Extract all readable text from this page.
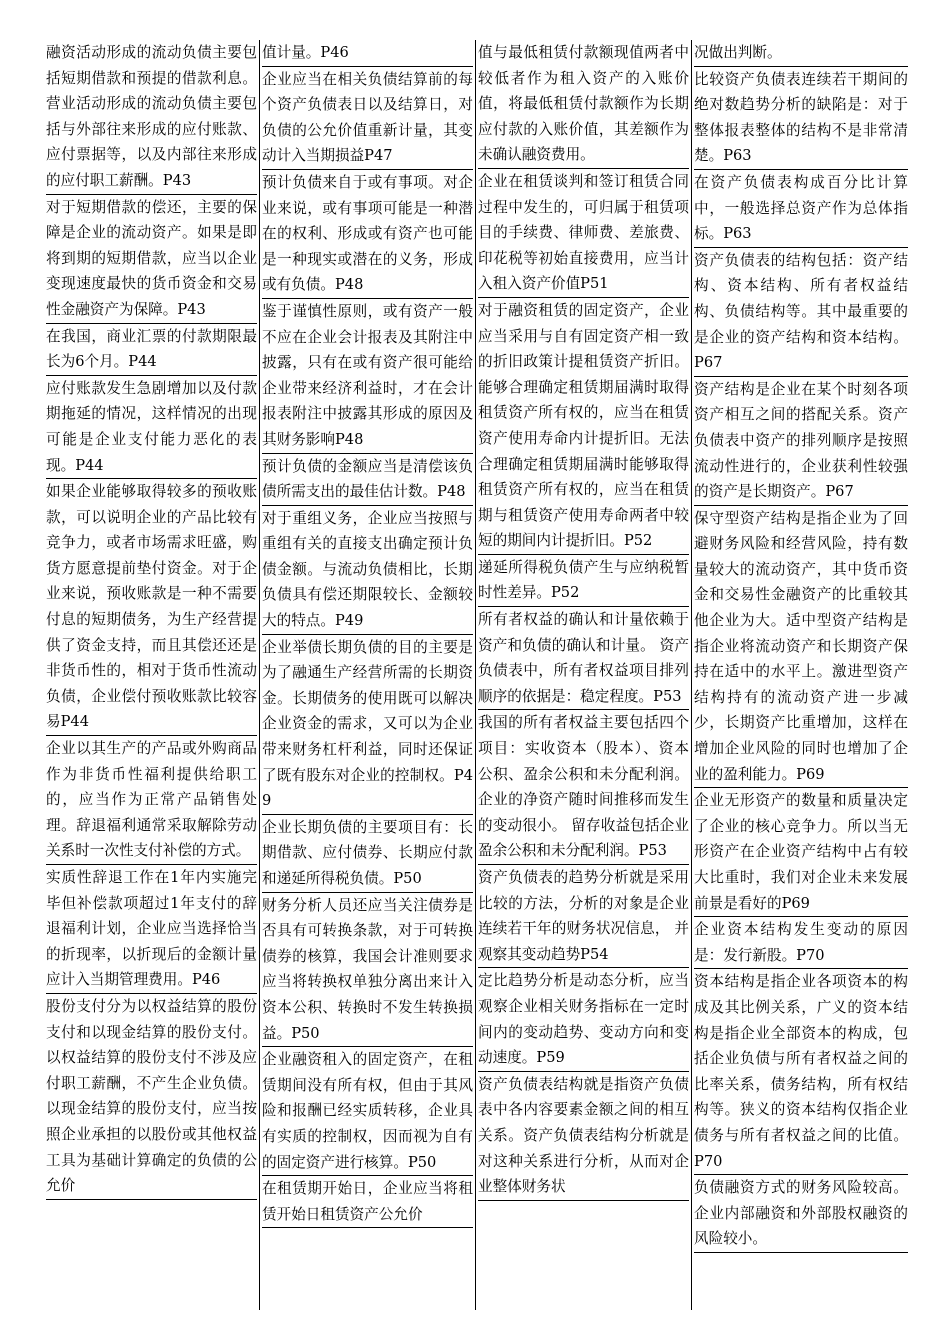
融资活动形成的流动负债主要包括短期借款和预提的借款利息。营业活动形成的流动负债主要包括与外部往来形成的应付账款、应付票据等，以及内部往来形成的应付职工薪酬。P43

对于短期借款的偿还，主要的保障是企业的流动资产。如果是即将到期的短期借款，应当以企业变现速度最快的货币资金和交易性金融资产为保障。P43

在我国，商业汇票的付款期限最长为6个月。P44

应付账款发生急剧增加以及付款期拖延的情况，这样情况的出现可能是企业支付能力恶化的表现。P44

如果企业能够取得较多的预收账款，可以说明企业的产品比较有竞争力，或者市场需求旺盛，购货方愿意提前垫付资金。对于企业来说，预收账款是一种不需要付息的短期债务，为生产经营提供了资金支持，而且其偿还还是非货币性的，相对于货币性流动负债，企业偿付预收账款比较容易P44

企业以其生产的产品或外购商品作为非货币性福利提供给职工的，应当作为正常产品销售处理。辞退福利通常采取解除劳动关系时一次性支付补偿的方式。

实质性辞退工作在1年内实施完毕但补偿款项超过1年支付的辞退福利计划，企业应当选择恰当的折现率，以折现后的金额计量应计入当期管理费用。P46

股份支付分为以权益结算的股份支付和以现金结算的股份支付。以权益结算的股份支付不涉及应付职工薪酬，不产生企业负债。以现金结算的股份支付，应当按照企业承担的以股份或其他权益工具为基础计算确定的负债的公允价

值计量。P46

企业应当在相关负债结算前的每个资产负债表日以及结算日，对负债的公允价值重新计量，其变动计入当期损益P47

预计负债来自于或有事项。对企业来说，或有事项可能是一种潜在的权利、形成或有资产也可能是一种现实或潜在的义务，形成或有负债。P48

鉴于谨慎性原则，或有资产一般不应在企业会计报表及其附注中披露，只有在或有资产很可能给企业带来经济利益时，才在会计报表附注中披露其形成的原因及其财务影响P48

预计负债的金额应当是清偿该负债所需支出的最佳估计数。P48

对于重组义务，企业应当按照与重组有关的直接支出确定预计负债金额。与流动负债相比，长期负债具有偿还期限较长、金额较大的特点。P49

企业举债长期负债的目的主要是为了融通生产经营所需的长期资金。长期债务的使用既可以解决企业资金的需求，又可以为企业带来财务杠杆利益，同时还保证了既有股东对企业的控制权。P49

企业长期负债的主要项目有：长期借款、应付债券、长期应付款和递延所得税负债。P50

财务分析人员还应当关注债券是否具有可转换条款，对于可转换债券的核算，我国会计准则要求应当将转换权单独分离出来计入资本公积、转换时不发生转换损益。P50

企业融资租入的固定资产，在租赁期间没有所有权，但由于其风险和报酬已经实质转移，企业具有实质的控制权，因而视为自有的固定资产进行核算。P50

在租赁期开始日，企业应当将租赁开始日租赁资产公允价

值与最低租赁付款额现值两者中较低者作为租入资产的入账价值，将最低租赁付款额作为长期应付款的入账价值，其差额作为未确认融资费用。

企业在租赁谈判和签订租赁合同过程中发生的，可归属于租赁项目的手续费、律师费、差旅费、印花税等初始直接费用，应当计入租入资产价值P51

对于融资租赁的固定资产，企业应当采用与自有固定资产相一致的折旧政策计提租赁资产折旧。能够合理确定租赁期届满时取得租赁资产所有权的，应当在租赁资产使用寿命内计提折旧。无法合理确定租赁期届满时能够取得租赁资产所有权的，应当在租赁期与租赁资产使用寿命两者中较短的期间内计提折旧。P52

递延所得税负债产生与应纳税暂时性差异。P52

所有者权益的确认和计量依赖于资产和负债的确认和计量。 资产负债表中，所有者权益项目排列顺序的依据是：稳定程度。P53

我国的所有者权益主要包括四个项目：实收资本（股本）、资本公积、盈余公积和未分配利润。企业的净资产随时间推移而发生的变动很小。 留存收益包括企业盈余公积和未分配利润。P53

资产负债表的趋势分析就是采用比较的方法，分析的对象是企业连续若干年的财务状况信息， 并观察其变动趋势P54

定比趋势分析是动态分析，应当观察企业相关财务指标在一定时间内的变动趋势、变动方向和变动速度。P59

资产负债表结构就是指资产负债表中各内容要素金额之间的相互关系。资产负债表结构分析就是对这种关系进行分析，从而对企业整体财务状

况做出判断。

比较资产负债表连续若干期间的绝对数趋势分析的缺陷是：对于整体报表整体的结构不是非常清楚。P63

在资产负债表构成百分比计算中，一般选择总资产作为总体指标。P63

资产负债表的结构包括：资产结构、资本结构、所有者权益结构、负债结构等。其中最重要的是企业的资产结构和资本结构。P67

资产结构是企业在某个时刻各项资产相互之间的搭配关系。资产负债表中资产的排列顺序是按照流动性进行的，企业获利性较强的资产是长期资产。P67

保守型资产结构是指企业为了回避财务风险和经营风险，持有数量较大的流动资产，其中货币资金和交易性金融资产的比重较其他企业为大。适中型资产结构是指企业将流动资产和长期资产保持在适中的水平上。激进型资产结构持有的流动资产进一步减少，长期资产比重增加，这样在增加企业风险的同时也增加了企业的盈利能力。P69

企业无形资产的数量和质量决定了企业的核心竞争力。所以当无形资产在企业资产结构中占有较大比重时，我们对企业未来发展前景是看好的P69

企业资本结构发生变动的原因是：发行新股。P70

资本结构是指企业各项资本的构成及其比例关系，广义的资本结构是指企业全部资本的构成，包括企业负债与所有者权益之间的比率关系，债务结构，所有权结构等。狭义的资本结构仅指企业债务与所有者权益之间的比值。P70

负债融资方式的财务风险较高。企业内部融资和外部股权融资的风险较小。
